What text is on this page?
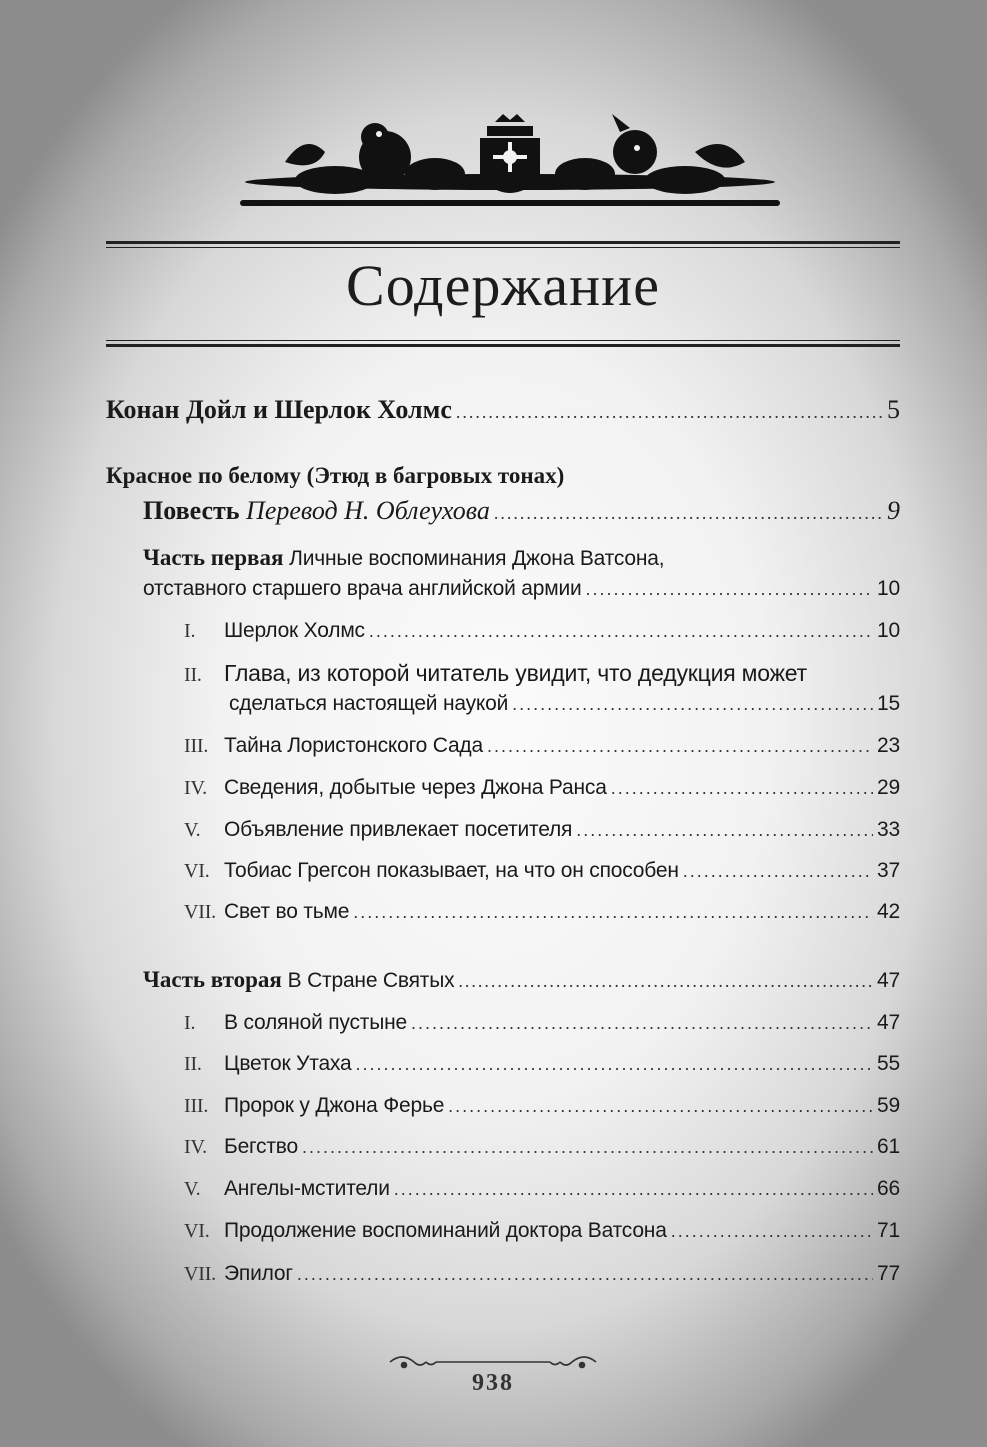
Содержание
Конан Дойл и Шерлок Холмс .....	5
Красное по белому (Этюд в багровых тонах)
Повесть Перевод Н. Облеухова .....	9
Часть первая Личные воспоминания Джона Ватсона,
отставного старшего врача английской армии .....	10
I. Шерлок Холмс .....	10
II. Глава, из которой читатель увидит, что дедукция может
сделаться настоящей наукой .....	15
III. Тайна Лористонского Сада .....	23
IV. Сведения, добытые через Джона Ранса .....	29
V. Объявление привлекает посетителя .....	33
VI. Тобиас Грегсон показывает, на что он способен .....	37
VII. Свет во тьме .....	42
Часть вторая В Стране Святых .....	47
I. В соляной пустыне .....	47
II. Цветок Утаха .....	55
III. Пророк у Джона Ферье .....	59
IV. Бегство .....	61
V. Ангелы-мстители .....	66
VI. Продолжение воспоминаний доктора Ватсона .....	71
VII. Эпилог .....	77
938
